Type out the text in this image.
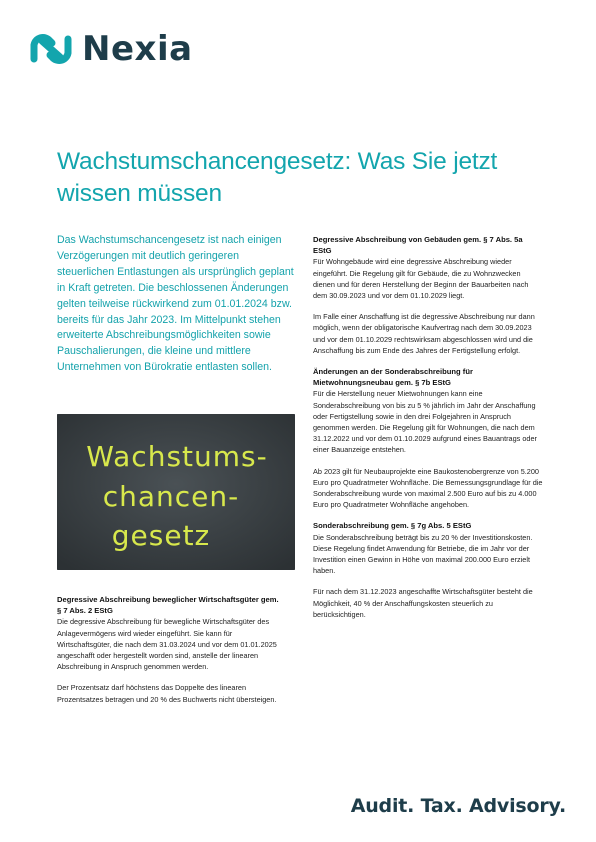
Nexia
Wachstumschancengesetz: Was Sie jetzt wissen müssen

Das Wachstumschancengesetz ist nach einigen Verzögerungen mit deutlich geringeren steuerlichen Entlastungen als ursprünglich geplant in Kraft getreten. Die beschlossenen Änderungen gelten teilweise rückwirkend zum 01.01.2024 bzw. bereits für das Jahr 2023. Im Mittelpunkt stehen erweiterte Abschreibungsmöglichkeiten sowie Pauschalierungen, die kleine und mittlere Unternehmen von Bürokratie entlasten sollen.

Wachstums-
chancen-
gesetz
Degressive Abschreibung beweglicher Wirtschaftsgüter gem. § 7 Abs. 2 EStG

Die degressive Abschreibung für bewegliche Wirtschaftsgüter des Anlagevermögens wird wieder eingeführt. Sie kann für Wirtschaftsgüter, die nach dem 31.03.2024 und vor dem 01.01.2025 angeschafft oder hergestellt worden sind, anstelle der linearen Abschreibung in Anspruch genommen werden.

Der Prozentsatz darf höchstens das Doppelte des linearen Prozentsatzes betragen und 20 % des Buchwerts nicht übersteigen.

Degressive Abschreibung von Gebäuden gem. § 7 Abs. 5a EStG

Für Wohngebäude wird eine degressive Abschreibung wieder eingeführt. Die Regelung gilt für Gebäude, die zu Wohnzwecken dienen und für deren Herstellung der Beginn der Bauarbeiten nach dem 30.09.2023 und vor dem 01.10.2029 liegt.

Im Falle einer Anschaffung ist die degressive Abschreibung nur dann möglich, wenn der obligatorische Kaufvertrag nach dem 30.09.2023 und vor dem 01.10.2029 rechtswirksam abgeschlossen wird und die Anschaffung bis zum Ende des Jahres der Fertigstellung erfolgt.

Änderungen an der Sonderabschreibung für Mietwohnungsneubau gem. § 7b EStG

Für die Herstellung neuer Mietwohnungen kann eine Sonderabschreibung von bis zu 5 % jährlich im Jahr der Anschaffung oder Fertigstellung sowie in den drei Folgejahren in Anspruch genommen werden. Die Regelung gilt für Wohnungen, die nach dem 31.12.2022 und vor dem 01.10.2029 aufgrund eines Bauantrags oder einer Bauanzeige entstehen.

Ab 2023 gilt für Neubauprojekte eine Baukostenobergrenze von 5.200 Euro pro Quadratmeter Wohnfläche. Die Bemessungsgrundlage für die Sonderabschreibung wurde von maximal 2.500 Euro auf bis zu 4.000 Euro pro Quadratmeter Wohnfläche angehoben.

Sonderabschreibung gem. § 7g Abs. 5 EStG

Die Sonderabschreibung beträgt bis zu 20 % der Investitionskosten. Diese Regelung findet Anwendung für Betriebe, die im Jahr vor der Investition einen Gewinn in Höhe von maximal 200.000 Euro erzielt haben.

Für nach dem 31.12.2023 angeschaffte Wirtschaftsgüter besteht die Möglichkeit, 40 % der Anschaffungskosten steuerlich zu berücksichtigen.

Audit. Tax. Advisory.
